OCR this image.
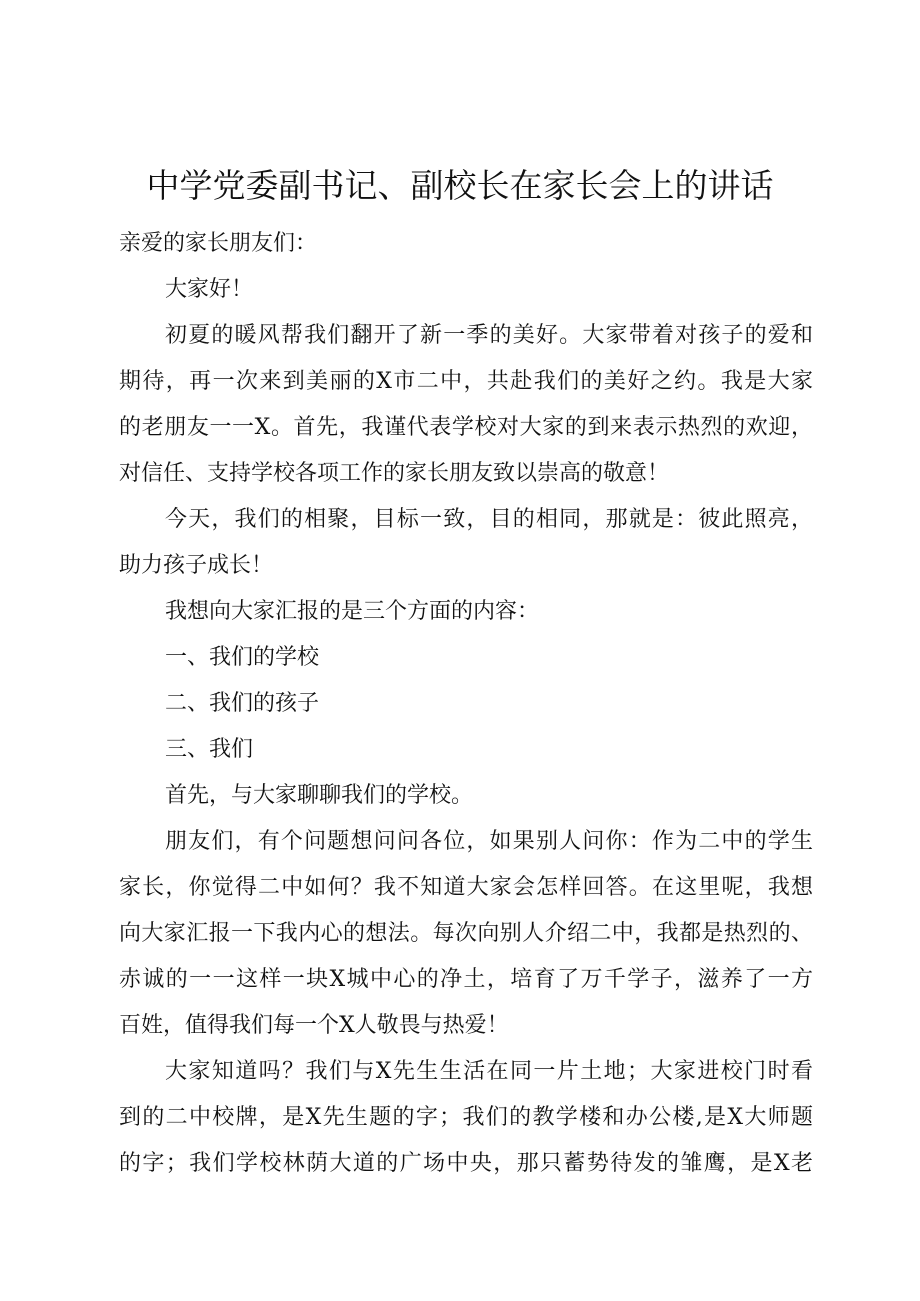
中学党委副书记、副校长在家长会上的讲话
亲爱的家长朋友们：
大家好！
初夏的暖风帮我们翻开了新一季的美好。大家带着对孩子的爱和
期待，再一次来到美丽的X市二中，共赴我们的美好之约。我是大家
的老朋友一一X。首先，我谨代表学校对大家的到来表示热烈的欢迎，
对信任、支持学校各项工作的家长朋友致以崇高的敬意！
今天，我们的相聚，目标一致，目的相同，那就是：彼此照亮，
助力孩子成长！
我想向大家汇报的是三个方面的内容：
一、我们的学校
二、我们的孩子
三、我们
首先，与大家聊聊我们的学校。
朋友们，有个问题想问问各位，如果别人问你：作为二中的学生
家长，你觉得二中如何？我不知道大家会怎样回答。在这里呢，我想
向大家汇报一下我内心的想法。每次向别人介绍二中，我都是热烈的、
赤诚的一一这样一块X城中心的净土，培育了万千学子，滋养了一方
百姓，值得我们每一个X人敬畏与热爱！
大家知道吗？我们与X先生生活在同一片土地；大家进校门时看
到的二中校牌，是X先生题的字；我们的教学楼和办公楼,是X大师题
的字；我们学校林荫大道的广场中央，那只蓄势待发的雏鹰，是X老
